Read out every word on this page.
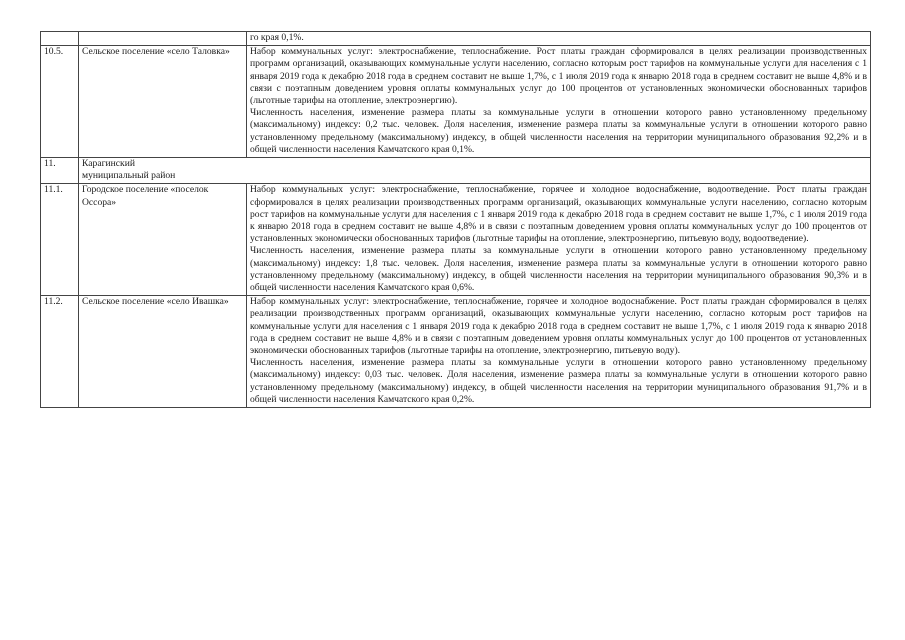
		го края 0,1%.

10.5.	Сельское поселение «село Таловка»	Набор коммунальных услуг: электроснабжение, теплоснабжение. Рост платы граждан сформировался в целях реализации производственных программ организаций, оказывающих коммунальные услуги населению, согласно которым рост тарифов на коммунальные услуги для населения с 1 января 2019 года к декабрю 2018 года в среднем составит не выше 1,7%, с 1 июля 2019 года к январю 2018 года в среднем составит не выше 4,8% и в связи с поэтапным доведением уровня оплаты коммунальных услуг до 100 процентов от установленных экономически обоснованных тарифов (льготные тарифы на отопление, электроэнергию).

Численность населения, изменение размера платы за коммунальные услуги в отношении которого равно установленному предельному (максимальному) индексу: 0,2 тыс. человек. Доля населения, изменение размера платы за коммунальные услуги в отношении которого равно установленному предельному (максимальному) индексу, в общей численности населения на территории муниципального образования 92,2% и в общей численности населения Камчатского края 0,1%.

11.	Карагинский муниципальный район	
11.1.	Городское поселение «поселок Оссора»	Набор коммунальных услуг: электроснабжение, теплоснабжение, горячее и холодное водоснабжение, водоотведение. Рост платы граждан сформировался в целях реализации производственных программ организаций, оказывающих коммунальные услуги населению, согласно которым рост тарифов на коммунальные услуги для населения с 1 января 2019 года к декабрю 2018 года в среднем составит не выше 1,7%, с 1 июля 2019 года к январю 2018 года в среднем составит не выше 4,8% и в связи с поэтапным доведением уровня оплаты коммунальных услуг до 100 процентов от установленных экономически обоснованных тарифов (льготные тарифы на отопление, электроэнергию, питьевую воду, водоотведение).

Численность населения, изменение размера платы за коммунальные услуги в отношении которого равно установленному предельному (максимальному) индексу: 1,8 тыс. человек. Доля населения, изменение размера платы за коммунальные услуги в отношении которого равно установленному предельному (максимальному) индексу, в общей численности населения на территории муниципального образования 90,3% и в общей численности населения Камчатского края 0,6%.

11.2.	Сельское поселение «село Ивашка»	Набор коммунальных услуг: электроснабжение, теплоснабжение, горячее и холодное водоснабжение. Рост платы граждан сформировался в целях реализации производственных программ организаций, оказывающих коммунальные услуги населению, согласно которым рост тарифов на коммунальные услуги для населения с 1 января 2019 года к декабрю 2018 года в среднем составит не выше 1,7%, с 1 июля 2019 года к январю 2018 года в среднем составит не выше 4,8% и в связи с поэтапным доведением уровня оплаты коммунальных услуг до 100 процентов от установленных экономически обоснованных тарифов (льготные тарифы на отопление, электроэнергию, питьевую воду).

Численность населения, изменение размера платы за коммунальные услуги в отношении которого равно установленному предельному (максимальному) индексу: 0,03 тыс. человек. Доля населения, изменение размера платы за коммунальные услуги в отношении которого равно установленному предельному (максимальному) индексу, в общей численности населения на территории муниципального образования 91,7% и в общей численности населения Камчатского края 0,2%.
